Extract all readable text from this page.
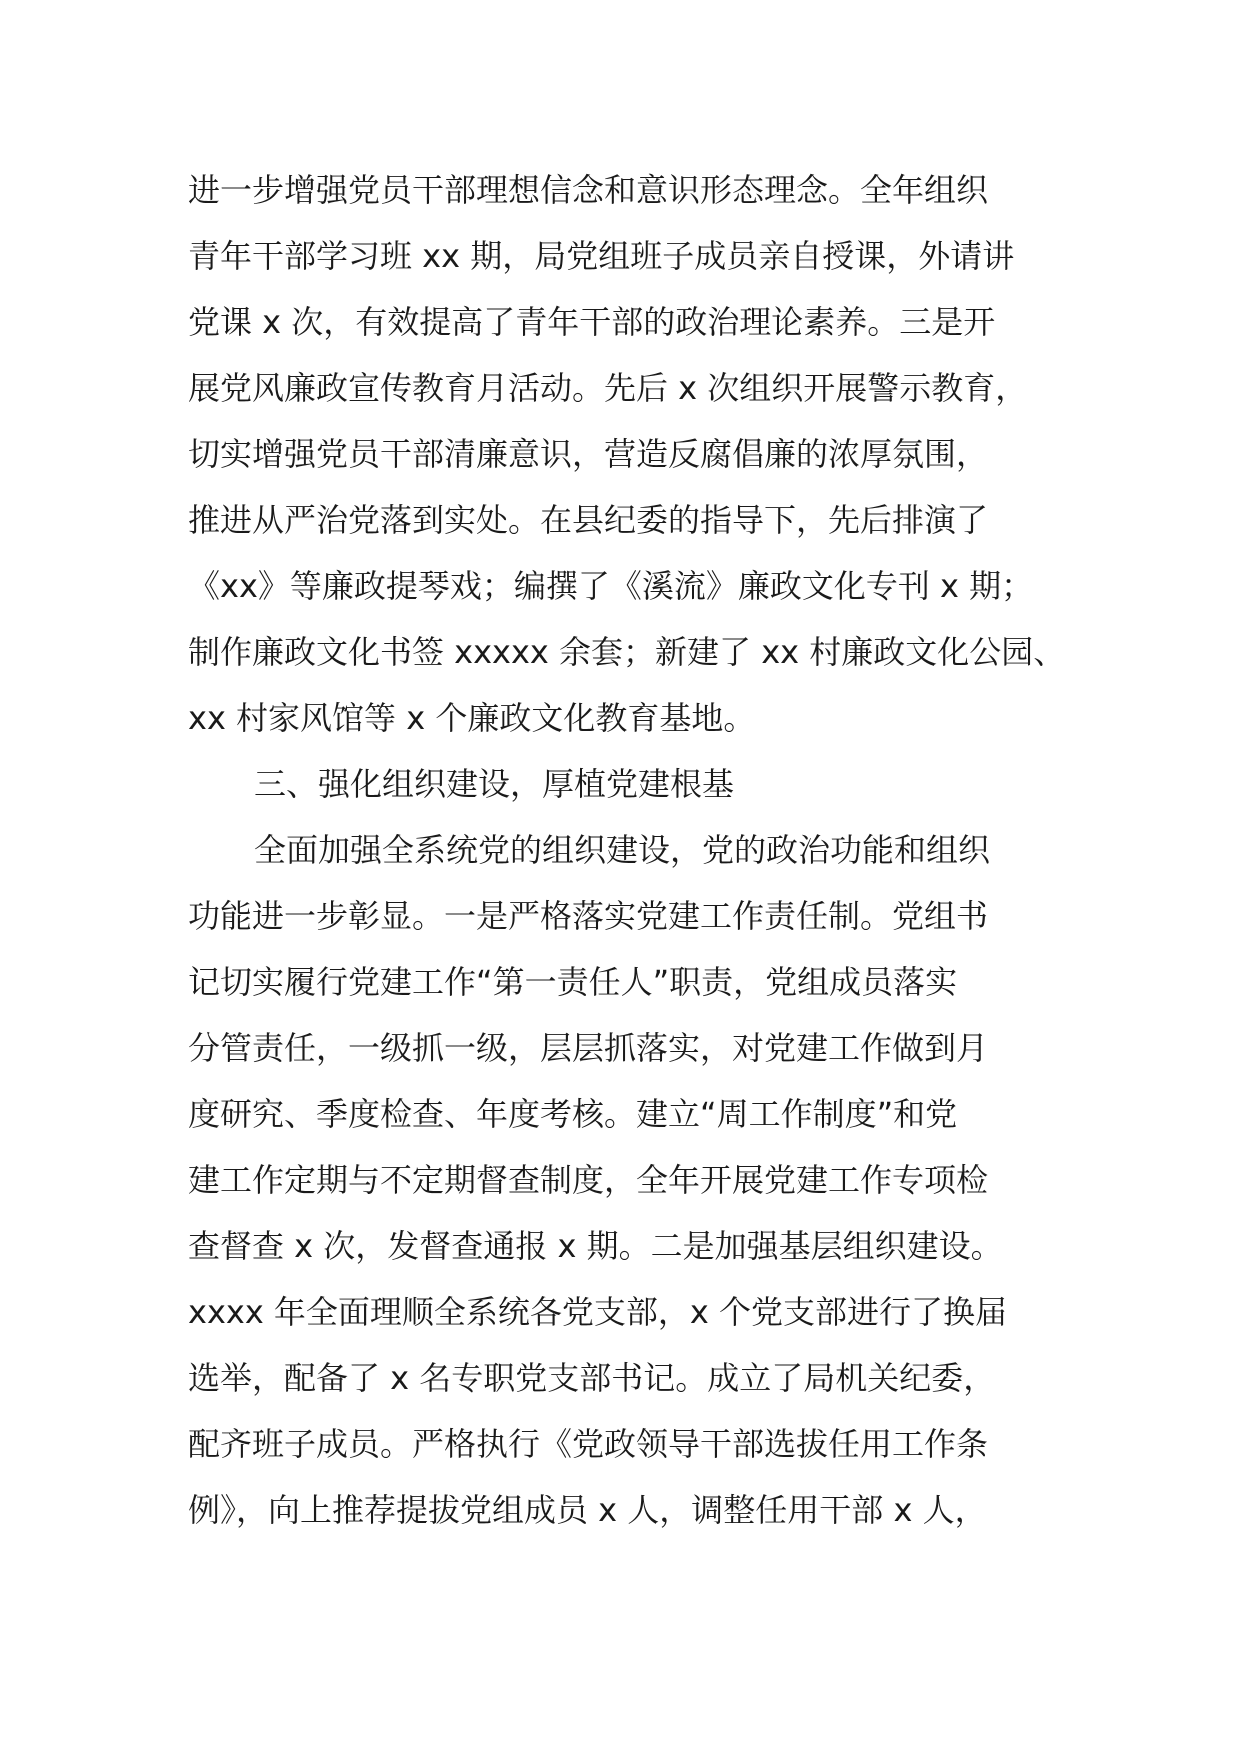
进一步增强党员干部理想信念和意识形态理念。全年组织
青年干部学习班 xx 期，局党组班子成员亲自授课，外请讲
党课 x 次，有效提高了青年干部的政治理论素养。三是开
展党风廉政宣传教育月活动。先后 x 次组织开展警示教育，
切实增强党员干部清廉意识，营造反腐倡廉的浓厚氛围，
推进从严治党落到实处。在县纪委的指导下，先后排演了
《xx》等廉政提琴戏；编撰了《溪流》廉政文化专刊 x 期；
制作廉政文化书签 xxxxx 余套；新建了 xx 村廉政文化公园、
xx 村家风馆等 x 个廉政文化教育基地。
三、强化组织建设，厚植党建根基
全面加强全系统党的组织建设，党的政治功能和组织
功能进一步彰显。一是严格落实党建工作责任制。党组书
记切实履行党建工作“第一责任人”职责，党组成员落实
分管责任，一级抓一级，层层抓落实，对党建工作做到月
度研究、季度检查、年度考核。建立“周工作制度”和党
建工作定期与不定期督查制度，全年开展党建工作专项检
查督查 x 次，发督查通报 x 期。二是加强基层组织建设。
xxxx 年全面理顺全系统各党支部，x 个党支部进行了换届
选举，配备了 x 名专职党支部书记。成立了局机关纪委，
配齐班子成员。严格执行《党政领导干部选拔任用工作条
例》，向上推荐提拔党组成员 x 人，调整任用干部 x 人，
